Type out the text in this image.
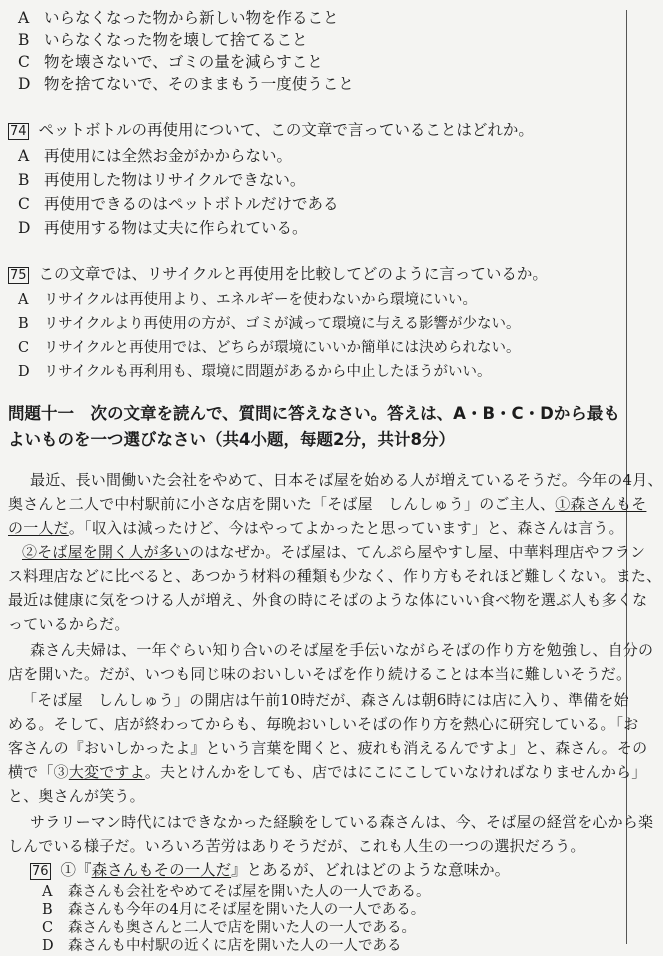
A いらなくなった物から新しい物を作ること
B いらなくなった物を壊して捨てること
C 物を壊さないで、ゴミの量を減らすこと
D 物を捨てないで、そのままもう一度使うこと
74 ペットボトルの再使用について、この文章で言っていることはどれか。
A 再使用には全然お金がかからない。
B 再使用した物はリサイクルできない。
C 再使用できるのはペットボトルだけである
D 再使用する物は丈夫に作られている。
75 この文章では、リサイクルと再使用を比較してどのように言っているか。
A リサイクルは再使用より、エネルギーを使わないから環境にいい。
B リサイクルより再使用の方が、ゴミが減って環境に与える影響が少ない。
C リサイクルと再使用では、どちらが環境にいいか簡単には決められない。
D リサイクルも再利用も、環境に問題があるから中止したほうがいい。
問題十一　次の文章を読んで、質問に答えなさい。答えは、A・B・C・Dから最も
よいものを一つ選びなさい（共4小题，每题2分，共计8分）
最近、長い間働いた会社をやめて、日本そば屋を始める人が増えているそうだ。今年の4月、
奥さんと二人で中村駅前に小さな店を開いた「そば屋　しんしゅう」のご主人、①森さんもそ
の一人だ。「収入は減ったけど、今はやってよかったと思っています」と、森さんは言う。
②そば屋を開く人が多いのはなぜか。そば屋は、てんぷら屋やすし屋、中華料理店やフラン
ス料理店などに比べると、あつかう材料の種類も少なく、作り方もそれほど難しくない。また、
最近は健康に気をつける人が増え、外食の時にそばのような体にいい食べ物を選ぶ人も多くな
っているからだ。
森さん夫婦は、一年ぐらい知り合いのそば屋を手伝いながらそばの作り方を勉強し、自分の
店を開いた。だが、いつも同じ味のおいしいそばを作り続けることは本当に難しいそうだ。
「そば屋　しんしゅう」の開店は午前10時だが、森さんは朝6時には店に入り、準備を始
める。そして、店が終わってからも、毎晩おいしいそばの作り方を熱心に研究している。「お
客さんの『おいしかったよ』という言葉を聞くと、疲れも消えるんですよ」と、森さん。その
横で「③大変ですよ。夫とけんかをしても、店ではにこにこしていなければなりませんから」
と、奥さんが笑う。
サラリーマン時代にはできなかった経験をしている森さんは、今、そば屋の経営を心から楽
しんでいる様子だ。いろいろ苦労はありそうだが、これも人生の一つの選択だろう。
76 ①『森さんもその一人だ』とあるが、どれはどのような意味か。
A 森さんも会社をやめてそば屋を開いた人の一人である。
B 森さんも今年の4月にそば屋を開いた人の一人である。
C 森さんも奥さんと二人で店を開いた人の一人である。
D 森さんも中村駅の近くに店を開いた人の一人である
